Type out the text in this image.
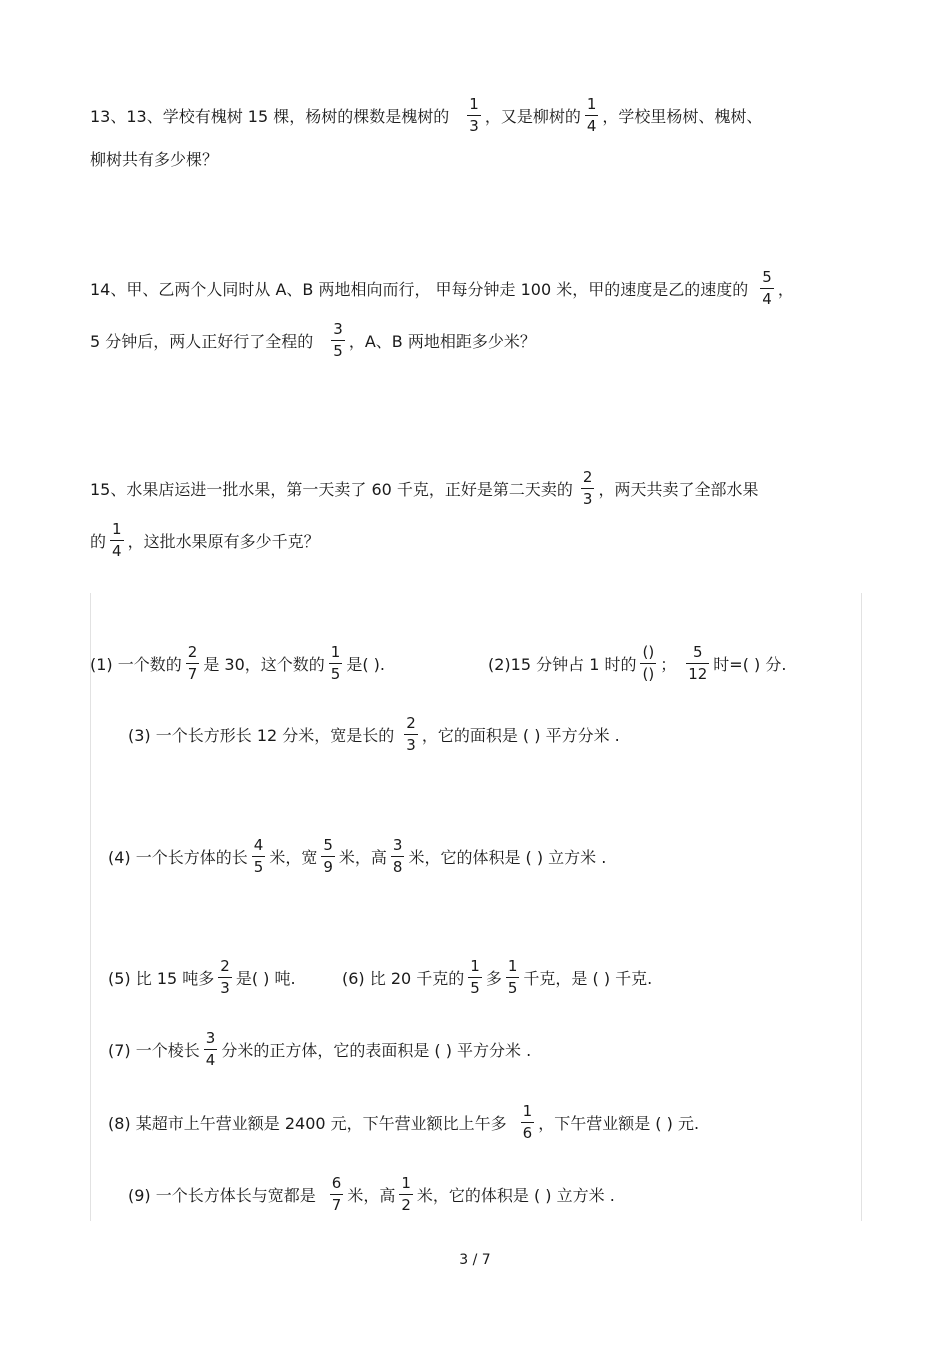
13、13、学校有槐树 15 棵，杨树的棵数是槐树的 $\frac{1}{3}$ ，又是柳树的 $\frac{1}{4}$ ，学校里杨树、槐树、
柳树共有多少棵？
14、甲、乙两个人同时从 A、B 两地相向而行， 甲每分钟走 100 米，甲的速度是乙的速度的 $\frac{5}{4}$ ，
5 分钟后，两人正好行了全程的 $\frac{3}{5}$ ，A、B 两地相距多少米？
15、水果店运进一批水果，第一天卖了 60 千克，正好是第二天卖的 $\frac{2}{3}$ ，两天共卖了全部水果
的 $\frac{1}{4}$ ，这批水果原有多少千克？
(1) 一个数的 $\frac{2}{7}$ 是 30，这个数的 $\frac{1}{5}$ 是( ).	(2)15 分钟占 1 时的 $\frac{()}{()}$ ； $\frac{5}{12}$ 时=( ) 分.
(3) 一个长方形长 12 分米，宽是长的 $\frac{2}{3}$ ，它的面积是 ( ) 平方分米 .
(4) 一个长方体的长 $\frac{4}{5}$ 米，宽 $\frac{5}{9}$ 米，高 $\frac{3}{8}$ 米，它的体积是 ( ) 立方米 .
(5) 比 15 吨多 $\frac{2}{3}$ 是( ) 吨.	(6) 比 20 千克的 $\frac{1}{5}$ 多 $\frac{1}{5}$ 千克，是 ( ) 千克.
(7) 一个棱长 $\frac{3}{4}$ 分米的正方体，它的表面积是 ( ) 平方分米 .
(8) 某超市上午营业额是 2400 元，下午营业额比上午多 $\frac{1}{6}$ ，下午营业额是 ( ) 元.
(9) 一个长方体长与宽都是 $\frac{6}{7}$ 米，高 $\frac{1}{2}$ 米，它的体积是 ( ) 立方米 .
3 / 7
